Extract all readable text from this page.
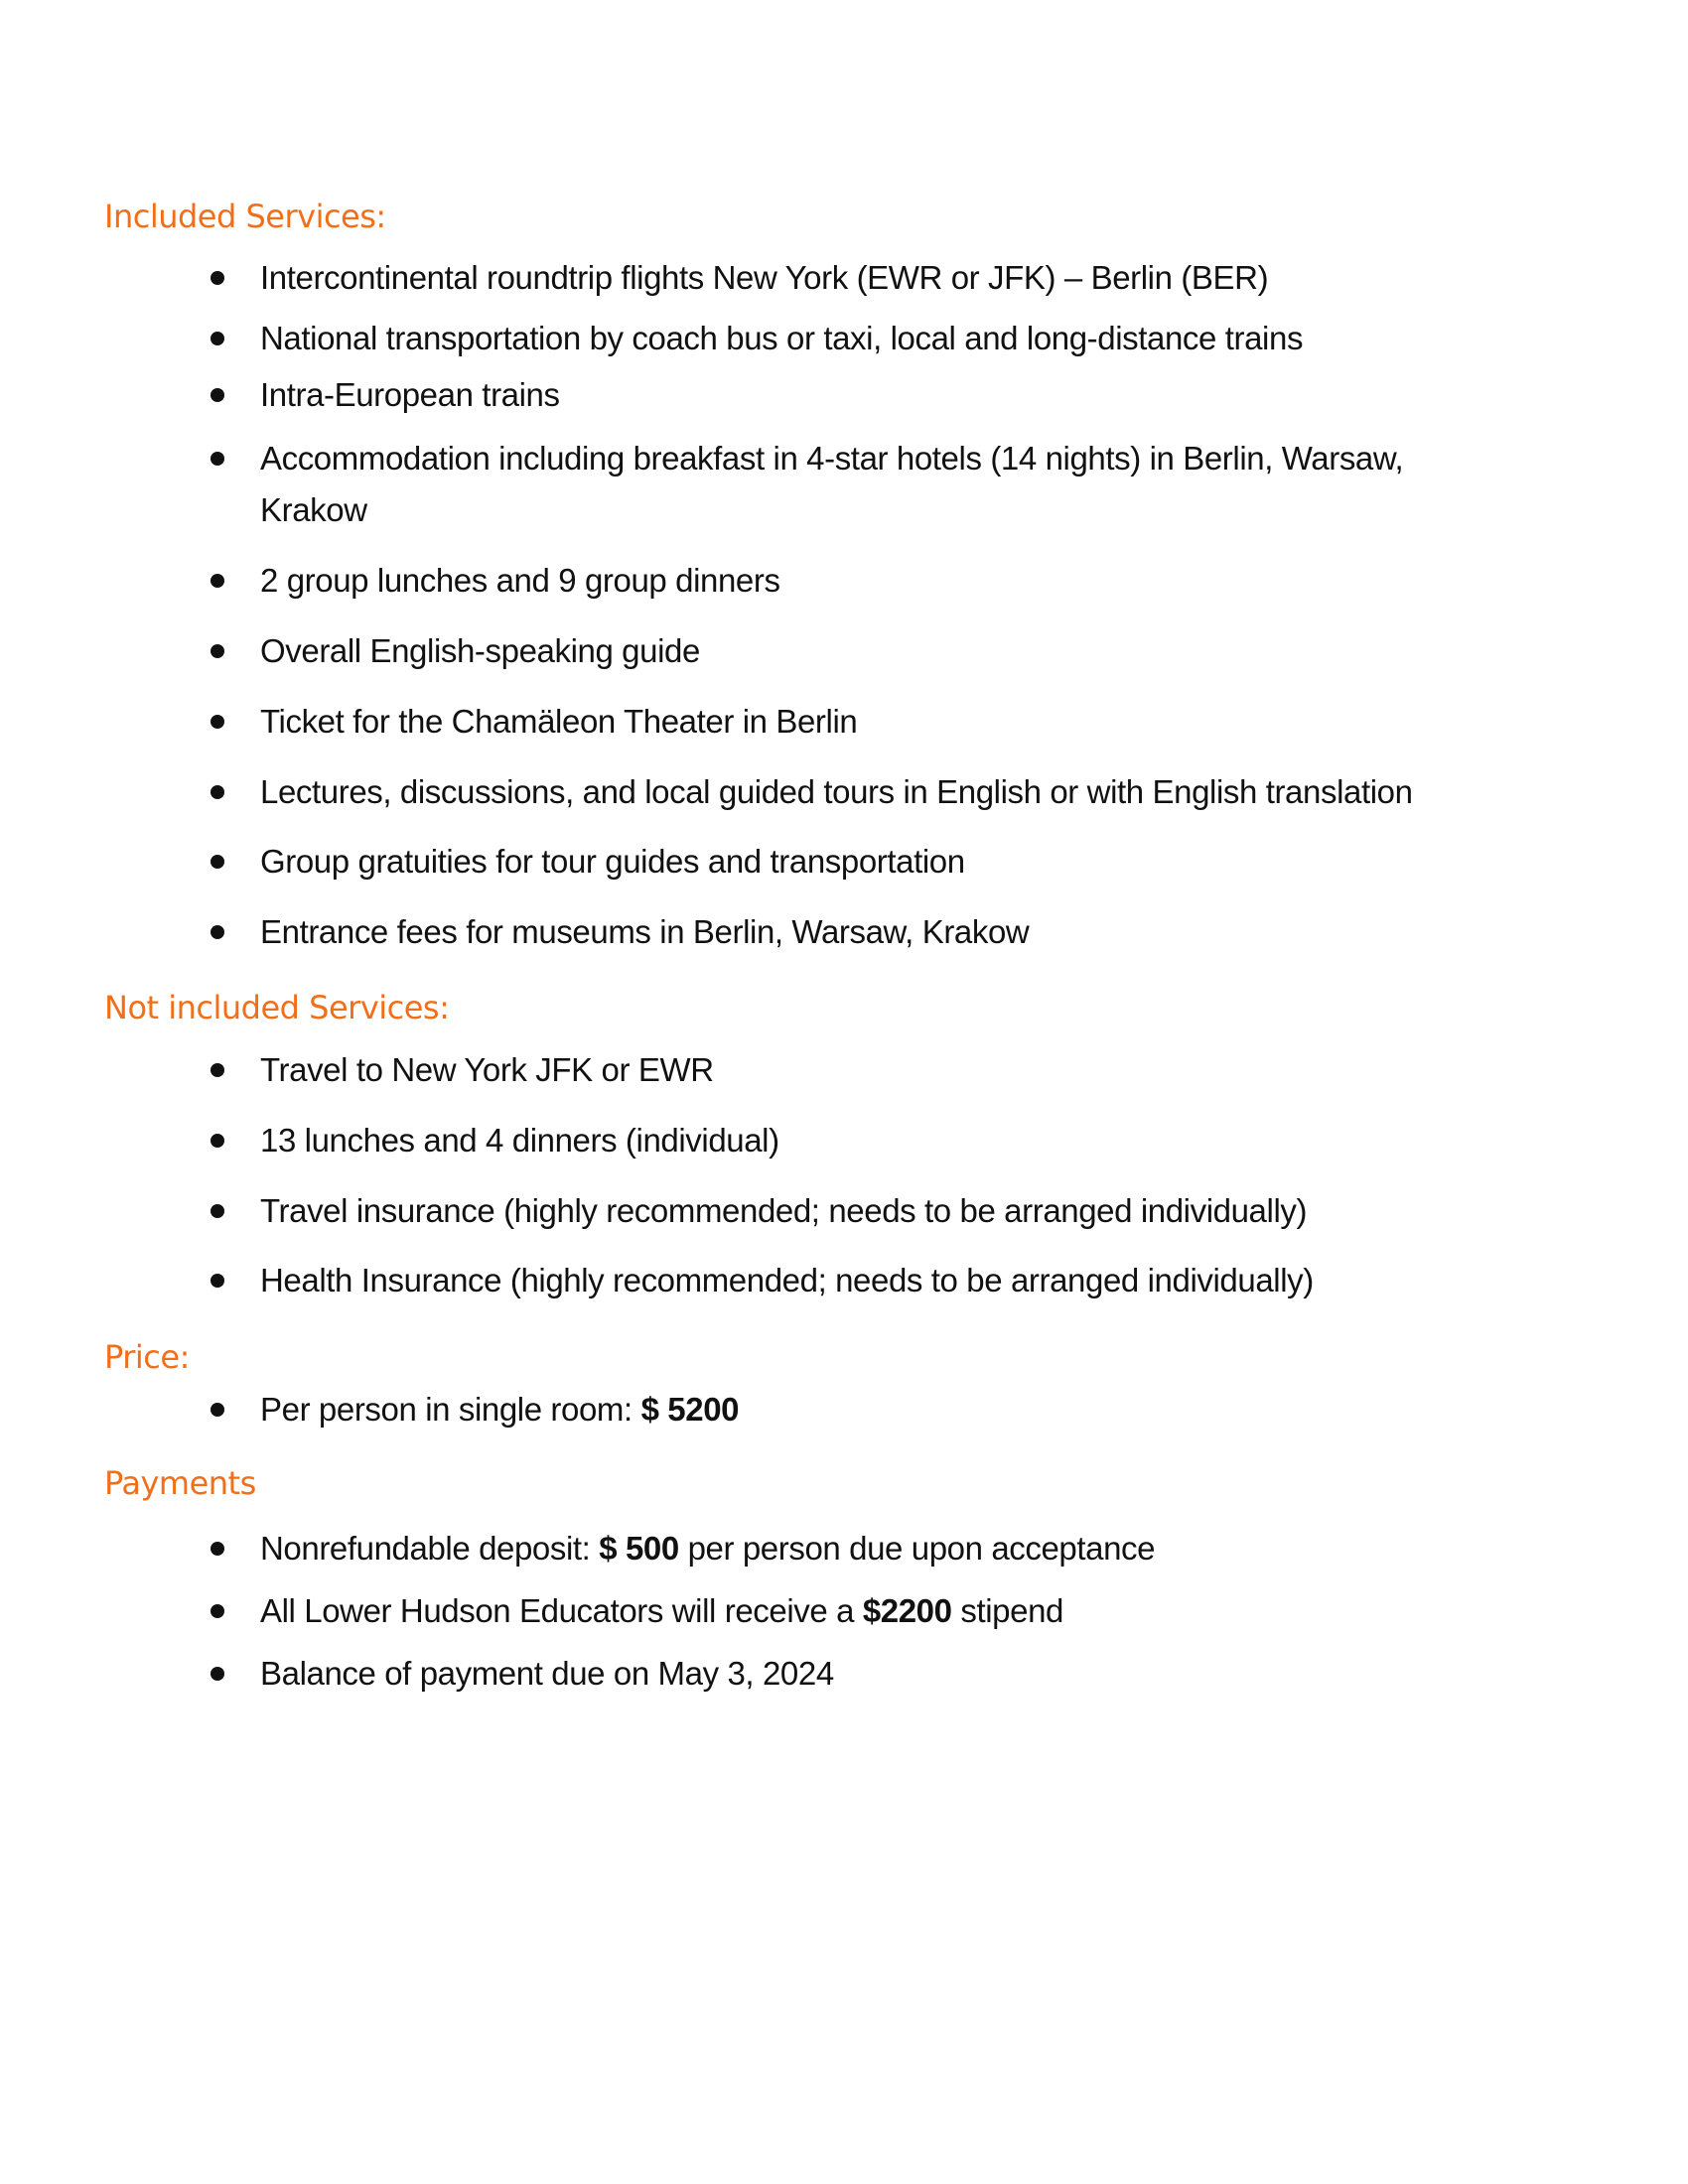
Included Services:
Intercontinental roundtrip flights New York (EWR or JFK) – Berlin (BER)
National transportation by coach bus or taxi, local and long-distance trains
Intra-European trains
Accommodation including breakfast in 4-star hotels (14 nights) in Berlin, Warsaw, Krakow
2 group lunches and 9 group dinners
Overall English-speaking guide
Ticket for the Chamäleon Theater in Berlin
Lectures, discussions, and local guided tours in English or with English translation
Group gratuities for tour guides and transportation
Entrance fees for museums in Berlin, Warsaw, Krakow
Not included Services:
Travel to New York JFK or EWR
13 lunches and 4 dinners (individual)
Travel insurance (highly recommended; needs to be arranged individually)
Health Insurance (highly recommended; needs to be arranged individually)
Price:
Per person in single room: $ 5200
Payments
Nonrefundable deposit: $ 500 per person due upon acceptance
All Lower Hudson Educators will receive a $2200 stipend
Balance of payment due on May 3, 2024
